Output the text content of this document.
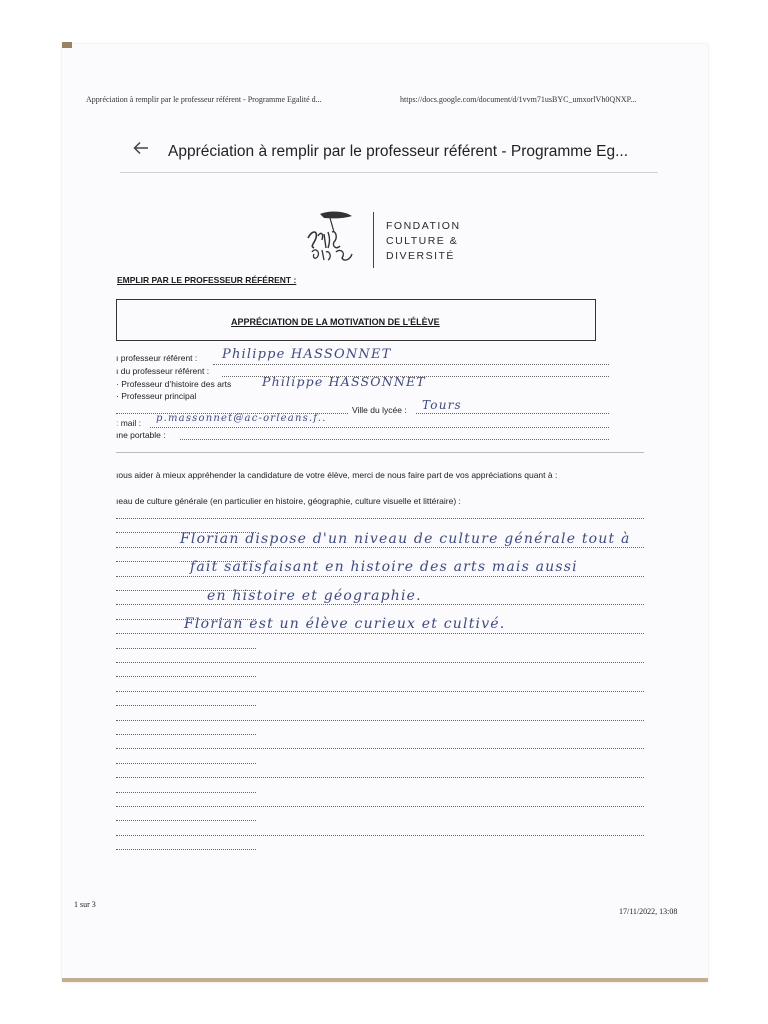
Appréciation à remplir par le professeur référent - Programme Egalité d...	https://docs.google.com/document/d/1vvm71usBYC_umxorlVh0QNXP...
Appréciation à remplir par le professeur référent - Programme Eg...
FONDATION
CULTURE &
DIVERSITÉ
EMPLIR PAR LE PROFESSEUR RÉFÉRENT :
APPRÉCIATION DE LA MOTIVATION DE L’ÉLÈVE
ı professeur référent : Philippe HASSONNET
ı du professeur référent :
· Professeur d’histoire des arts Philippe HASSONNET
· Professeur principal
Ville du lycée : Tours
ː mail : p.massonnet@ac-orleans.f..
ıne portable :
ıous aider à mieux appréhender la candidature de votre élève, merci de nous faire part de vos appréciations quant à :
ıeau de culture générale (en particulier en histoire, géographie, culture visuelle et littéraire) :
Florian dispose d'un niveau de culture générale tout à
fait satisfaisant en histoire des arts mais aussi
en histoire et géographie.
Florian est un élève curieux et cultivé.
1 sur 3
17/11/2022, 13:08
